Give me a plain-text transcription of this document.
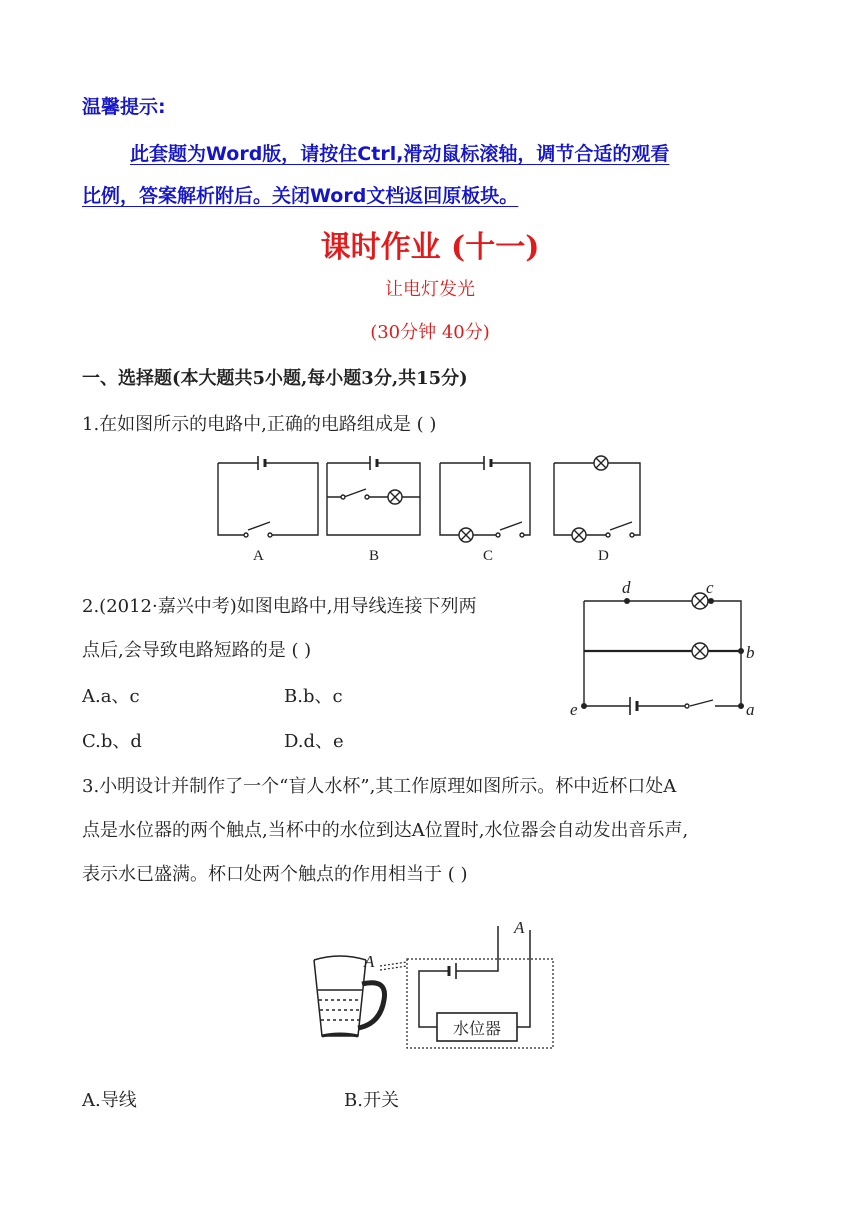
温馨提示:
此套题为Word版，请按住Ctrl,滑动鼠标滚轴，调节合适的观看
比例，答案解析附后。关闭Word文档返回原板块。
课时作业 (十一)
让电灯发光
(30分钟 40分)
一、选择题(本大题共5小题,每小题3分,共15分)
1.在如图所示的电路中,正确的电路组成是 ( )
A	B	C	D
2.(2012·嘉兴中考)如图电路中,用导线连接下列两
点后,会导致电路短路的是 ( )
A.a、c	B.b、c
C.b、d	D.d、e
d	c
b
e	a
3.小明设计并制作了一个“盲人水杯”,其工作原理如图所示。杯中近杯口处A
点是水位器的两个触点,当杯中的水位到达A位置时,水位器会自动发出音乐声,
表示水已盛满。杯口处两个触点的作用相当于 ( )
A
A
水位器
A.导线	B.开关
